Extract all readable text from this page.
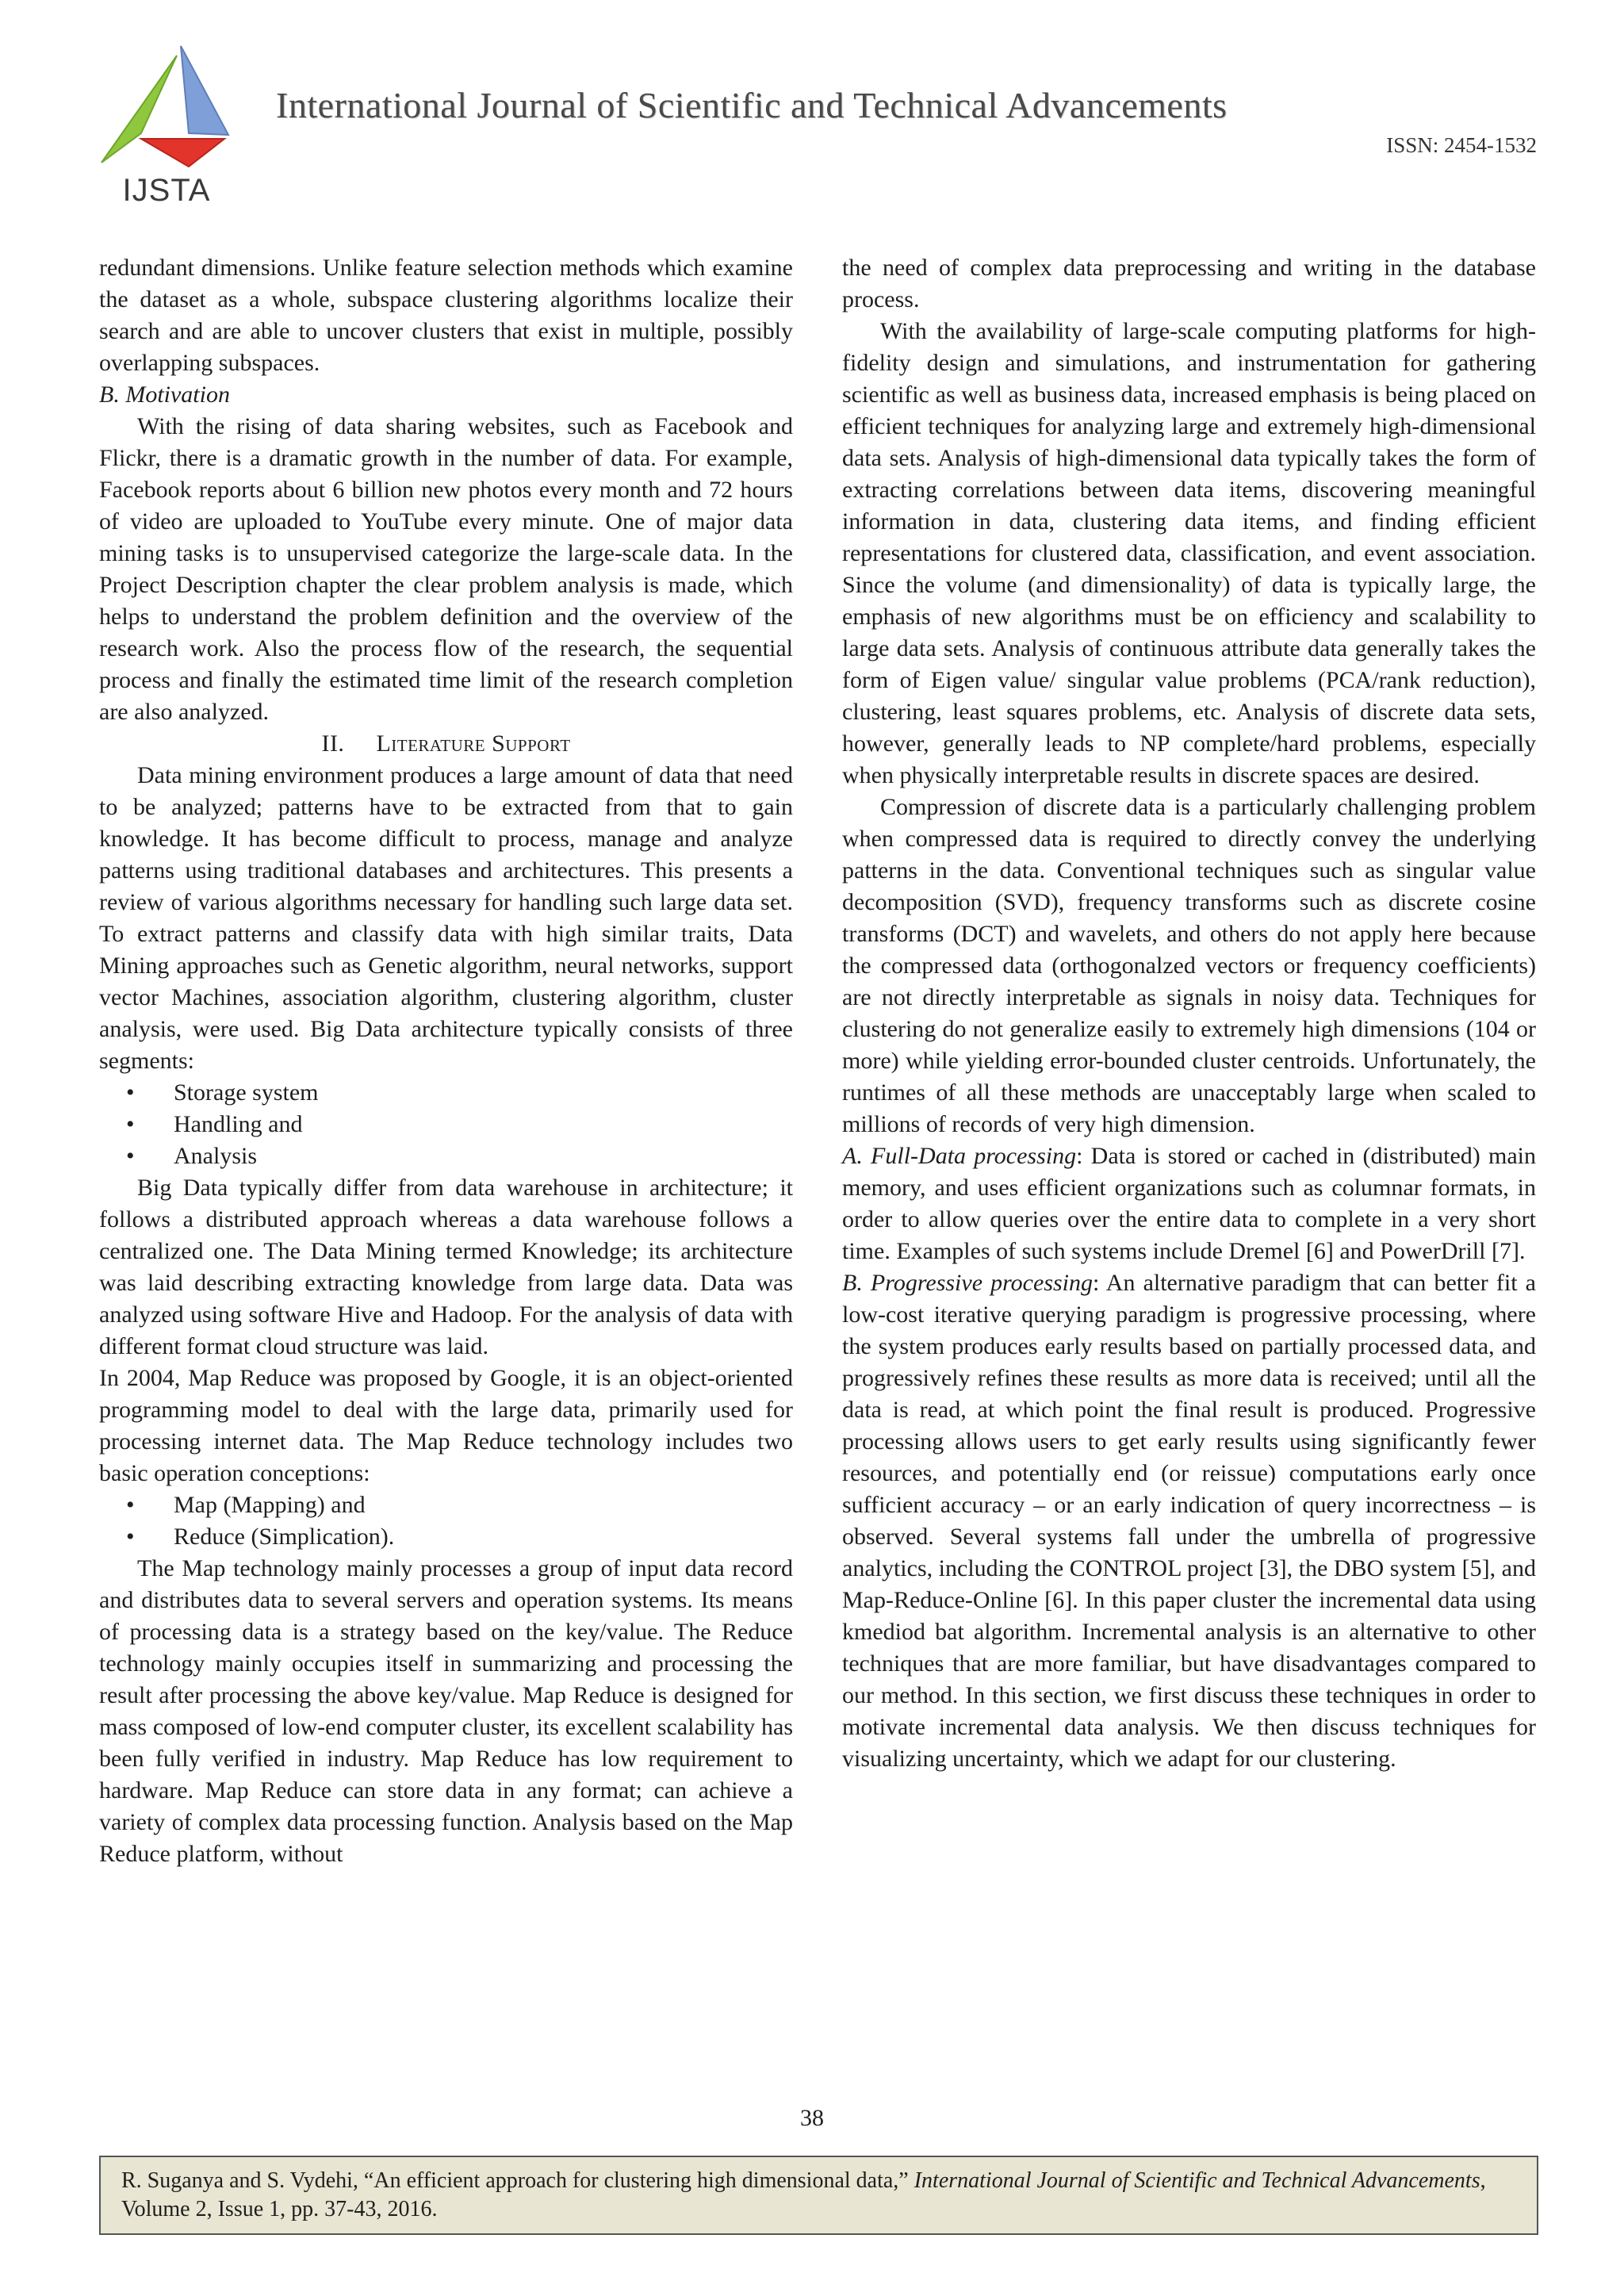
IJSTA
International Journal of Scientific and Technical Advancements
ISSN: 2454-1532

redundant dimensions. Unlike feature selection methods which examine the dataset as a whole, subspace clustering algorithms localize their search and are able to uncover clusters that exist in multiple, possibly overlapping subspaces.

B. Motivation

With the rising of data sharing websites, such as Facebook and Flickr, there is a dramatic growth in the number of data. For example, Facebook reports about 6 billion new photos every month and 72 hours of video are uploaded to YouTube every minute. One of major data mining tasks is to unsupervised categorize the large-scale data. In the Project Description chapter the clear problem analysis is made, which helps to understand the problem definition and the overview of the research work. Also the process flow of the research, the sequential process and finally the estimated time limit of the research completion are also analyzed.

II. Literature Support

Data mining environment produces a large amount of data that need to be analyzed; patterns have to be extracted from that to gain knowledge. It has become difficult to process, manage and analyze patterns using traditional databases and architectures. This presents a review of various algorithms necessary for handling such large data set. To extract patterns and classify data with high similar traits, Data Mining approaches such as Genetic algorithm, neural networks, support vector Machines, association algorithm, clustering algorithm, cluster analysis, were used. Big Data architecture typically consists of three segments:

•	Storage system
•	Handling and
•	Analysis

Big Data typically differ from data warehouse in architecture; it follows a distributed approach whereas a data warehouse follows a centralized one. The Data Mining termed Knowledge; its architecture was laid describing extracting knowledge from large data. Data was analyzed using software Hive and Hadoop. For the analysis of data with different format cloud structure was laid.

In 2004, Map Reduce was proposed by Google, it is an object-oriented programming model to deal with the large data, primarily used for processing internet data. The Map Reduce technology includes two basic operation conceptions:

•	Map (Mapping) and
•	Reduce (Simplication).

The Map technology mainly processes a group of input data record and distributes data to several servers and operation systems. Its means of processing data is a strategy based on the key/value. The Reduce technology mainly occupies itself in summarizing and processing the result after processing the above key/value. Map Reduce is designed for mass composed of low-end computer cluster, its excellent scalability has been fully verified in industry. Map Reduce has low requirement to hardware. Map Reduce can store data in any format; can achieve a variety of complex data processing function. Analysis based on the Map Reduce platform, without

the need of complex data preprocessing and writing in the database process.

With the availability of large-scale computing platforms for high-fidelity design and simulations, and instrumentation for gathering scientific as well as business data, increased emphasis is being placed on efficient techniques for analyzing large and extremely high-dimensional data sets. Analysis of high-dimensional data typically takes the form of extracting correlations between data items, discovering meaningful information in data, clustering data items, and finding efficient representations for clustered data, classification, and event association. Since the volume (and dimensionality) of data is typically large, the emphasis of new algorithms must be on efficiency and scalability to large data sets. Analysis of continuous attribute data generally takes the form of Eigen value/ singular value problems (PCA/rank reduction), clustering, least squares problems, etc. Analysis of discrete data sets, however, generally leads to NP complete/hard problems, especially when physically interpretable results in discrete spaces are desired.

Compression of discrete data is a particularly challenging problem when compressed data is required to directly convey the underlying patterns in the data. Conventional techniques such as singular value decomposition (SVD), frequency transforms such as discrete cosine transforms (DCT) and wavelets, and others do not apply here because the compressed data (orthogonalzed vectors or frequency coefficients) are not directly interpretable as signals in noisy data. Techniques for clustering do not generalize easily to extremely high dimensions (104 or more) while yielding error-bounded cluster centroids. Unfortunately, the runtimes of all these methods are unacceptably large when scaled to millions of records of very high dimension.

A. Full-Data processing: Data is stored or cached in (distributed) main memory, and uses efficient organizations such as columnar formats, in order to allow queries over the entire data to complete in a very short time. Examples of such systems include Dremel [6] and PowerDrill [7].

B. Progressive processing: An alternative paradigm that can better fit a low-cost iterative querying paradigm is progressive processing, where the system produces early results based on partially processed data, and progressively refines these results as more data is received; until all the data is read, at which point the final result is produced. Progressive processing allows users to get early results using significantly fewer resources, and potentially end (or reissue) computations early once sufficient accuracy – or an early indication of query incorrectness – is observed. Several systems fall under the umbrella of progressive analytics, including the CONTROL project [3], the DBO system [5], and Map-Reduce-Online [6]. In this paper cluster the incremental data using kmediod bat algorithm. Incremental analysis is an alternative to other techniques that are more familiar, but have disadvantages compared to our method. In this section, we first discuss these techniques in order to motivate incremental data analysis. We then discuss techniques for visualizing uncertainty, which we adapt for our clustering.

38
R. Suganya and S. Vydehi, “An efficient approach for clustering high dimensional data,” International Journal of Scientific and Technical Advancements, Volume 2, Issue 1, pp. 37-43, 2016.
